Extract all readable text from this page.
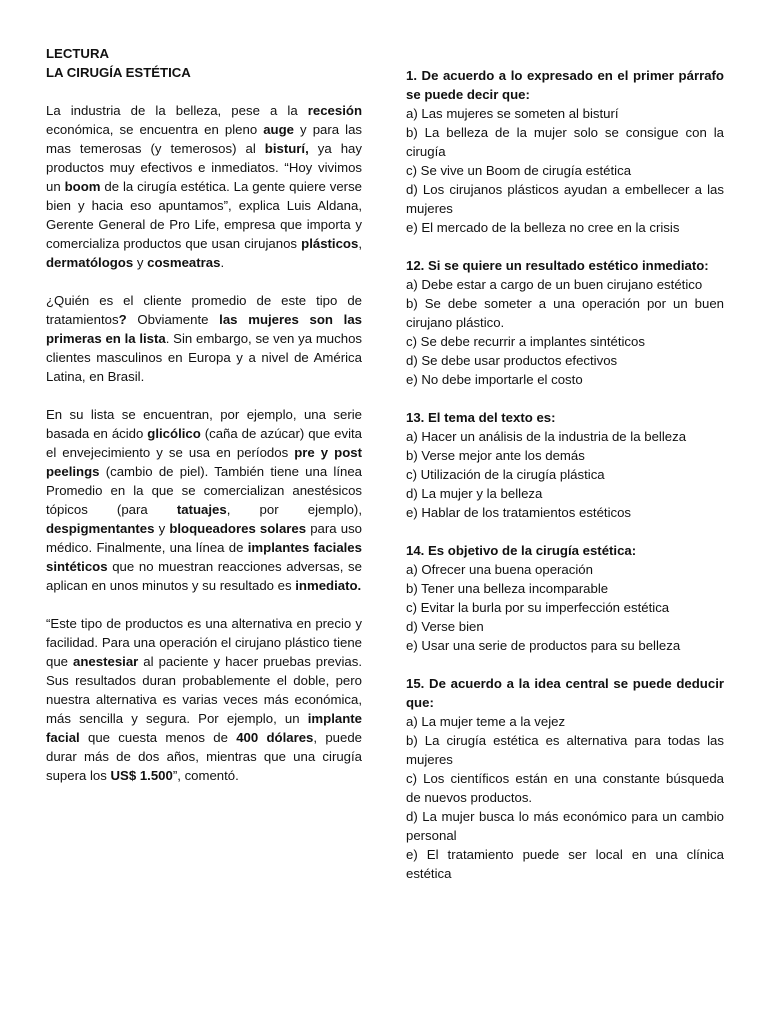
LECTURA

LA CIRUGÍA ESTÉTICA

La industria de la belleza, pese a la recesión económica, se encuentra en pleno auge y para las mas temerosas (y temerosos) al bisturí, ya hay productos muy efectivos e inmediatos. “Hoy vivimos un boom de la cirugía estética. La gente quiere verse bien y hacia eso apuntamos”, explica Luis Aldana, Gerente General de Pro Life, empresa que importa y comercializa productos que usan cirujanos plásticos, dermatólogos y cosmeatras.

¿Quién es el cliente promedio de este tipo de tratamientos? Obviamente las mujeres son las primeras en la lista. Sin embargo, se ven ya muchos clientes masculinos en Europa y a nivel de América Latina, en Brasil.

En su lista se encuentran, por ejemplo, una serie basada en ácido glicólico (caña de azúcar) que evita el envejecimiento y se usa en períodos pre y post peelings (cambio de piel). También tiene una línea Promedio en la que se comercializan anestésicos tópicos (para tatuajes, por ejemplo), despigmentantes y bloqueadores solares para uso médico. Finalmente, una línea de implantes faciales sintéticos que no muestran reacciones adversas, se aplican en unos minutos y su resultado es inmediato.

“Este tipo de productos es una alternativa en precio y facilidad. Para una operación el cirujano plástico tiene que anestesiar al paciente y hacer pruebas previas. Sus resultados duran probablemente el doble, pero nuestra alternativa es varias veces más económica, más sencilla y segura. Por ejemplo, un implante facial que cuesta menos de 400 dólares, puede durar más de dos años, mientras que una cirugía supera los US$ 1.500”, comentó.

1. De acuerdo a lo expresado en el primer párrafo se puede decir que:
a) Las mujeres se someten al bisturí
b) La belleza de la mujer solo se consigue con la cirugía
c) Se vive un Boom de cirugía estética
d) Los cirujanos plásticos ayudan a embellecer a las mujeres
e) El mercado de la belleza no cree en la crisis
12. Si se quiere un resultado estético inmediato:
a) Debe estar a cargo de un buen cirujano estético
b) Se debe someter a una operación por un buen cirujano plástico.
c) Se debe recurrir a implantes sintéticos
d) Se debe usar productos efectivos
e) No debe importarle el costo
13. El tema del texto es:
a) Hacer un análisis de la industria de la belleza
b) Verse mejor ante los demás
c) Utilización de la cirugía plástica
d) La mujer y la belleza
e) Hablar de los tratamientos estéticos
14. Es objetivo de la cirugía estética:
a) Ofrecer una buena operación
b) Tener una belleza incomparable
c) Evitar la burla por su imperfección estética
d) Verse bien
e) Usar una serie de productos para su belleza
15. De acuerdo a la idea central se puede deducir que:
a) La mujer teme a la vejez
b) La cirugía estética es alternativa para todas las mujeres
c) Los científicos están en una constante búsqueda de nuevos productos.
d) La mujer busca lo más económico para un cambio personal
e) El tratamiento puede ser local en una clínica estética
